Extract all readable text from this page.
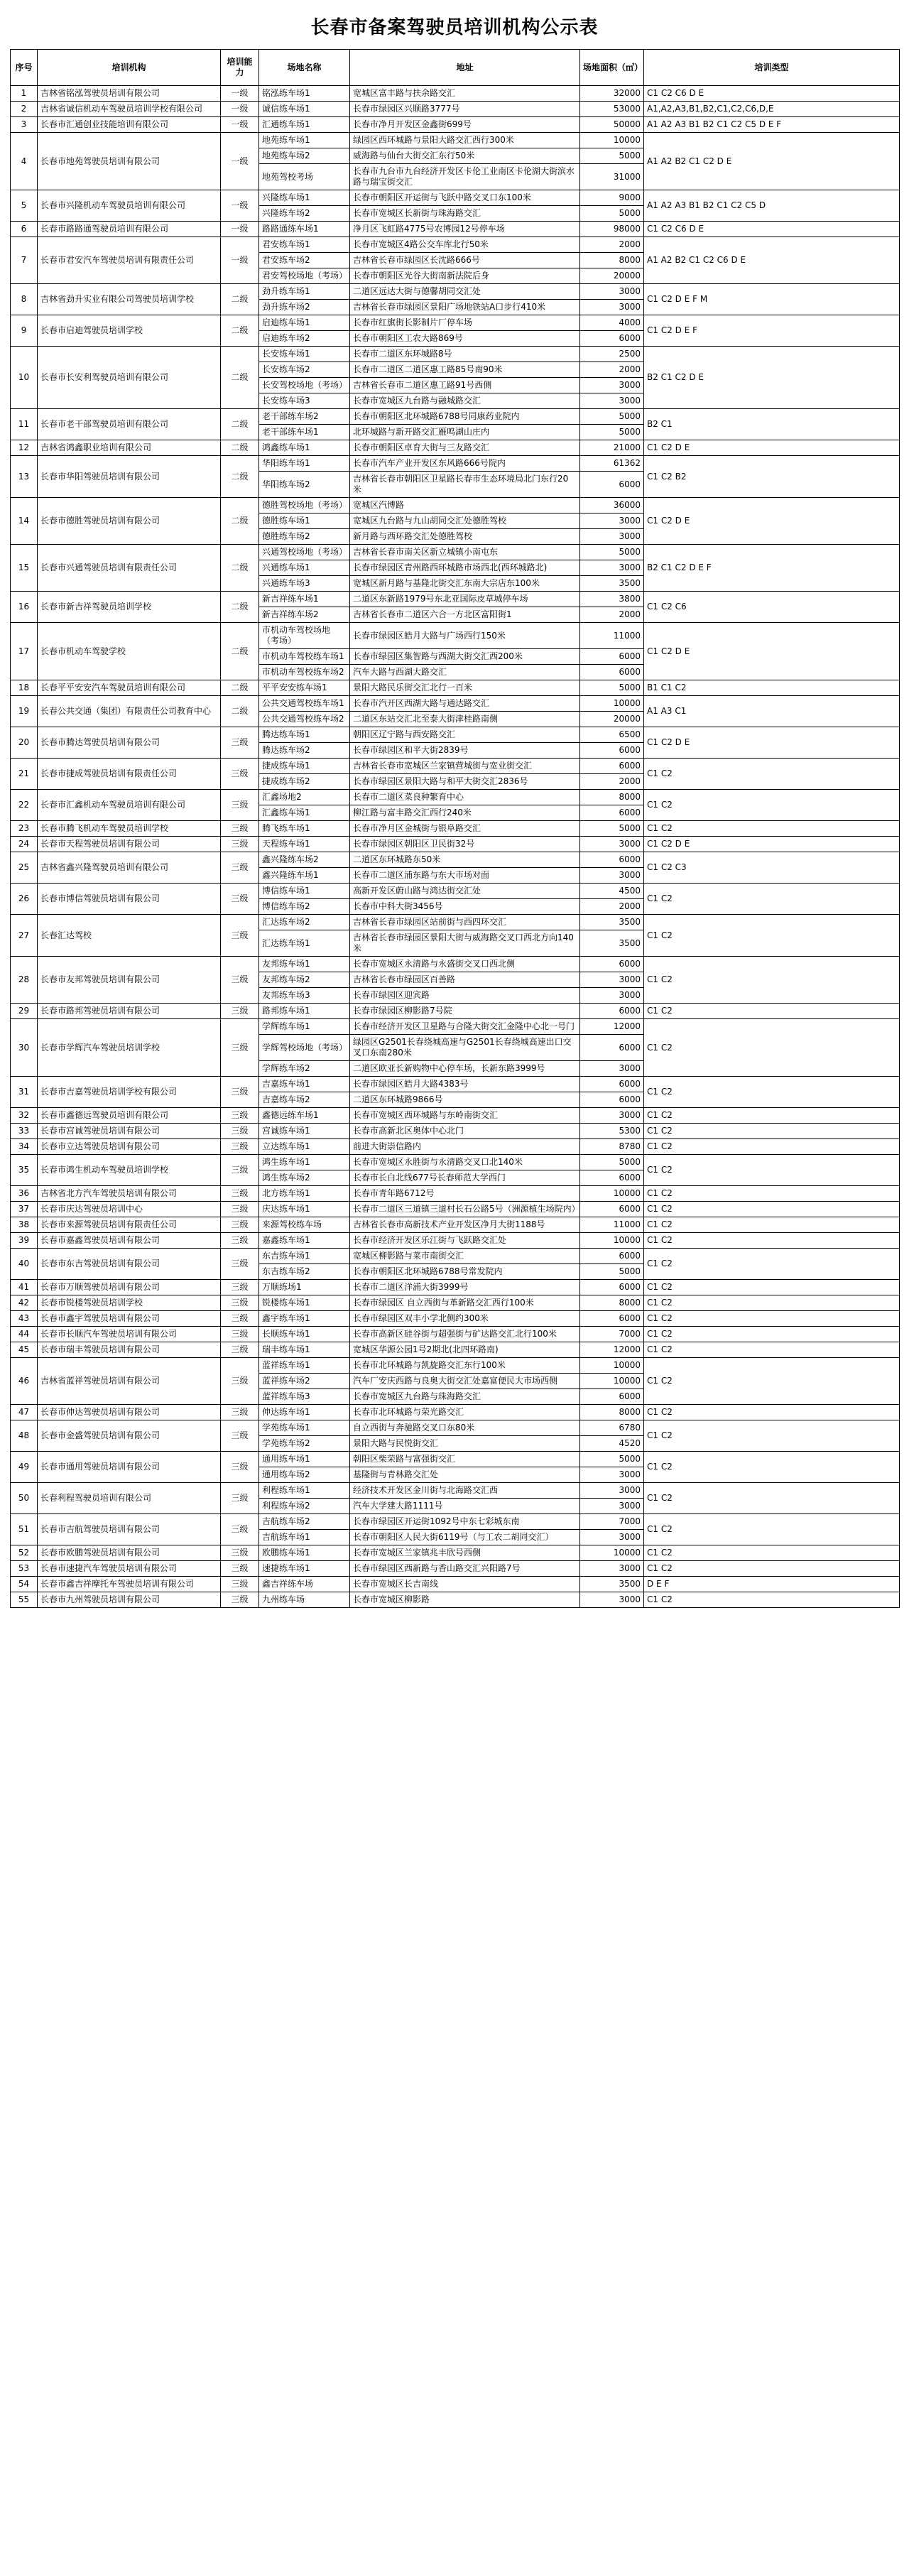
长春市备案驾驶员培训机构公示表
序号	培训机构	培训能力	场地名称	地址	场地面积（㎡）	培训类型
1	吉林省铭泓驾驶员培训有限公司	一级	铭泓练车场1	宽城区富丰路与扶余路交汇	32000	C1 C2 C6 D E
2	吉林省诚信机动车驾驶员培训学校有限公司	一级	诚信练车场1	长春市绿园区兴顺路3777号	53000	A1,A2,A3,B1,B2,C1,C2,C6,D,E
3	长春市汇通创业技能培训有限公司	一级	汇通练车场1	长春市净月开发区金鑫街699号	50000	A1 A2 A3 B1 B2 C1 C2 C5 D E F
4	长春市地苑驾驶员培训有限公司	一级	地苑练车场1	绿园区西环城路与景阳大路交汇西行300米	10000	A1 A2 B2 C1 C2 D E
			地苑练车场2	威海路与仙台大街交汇东行50米	5000	
			地苑驾校考场	长春市九台市九台经济开发区卡伦工业南区卡伦湖大街滨水路与瑞宝街交汇	31000	
5	长春市兴隆机动车驾驶员培训有限公司	一级	兴隆练车场1	长春市朝阳区开运街与飞跃中路交叉口东100米	9000	A1 A2 A3 B1 B2 C1 C2 C5 D
			兴隆练车场2	长春市宽城区长新街与珠海路交汇	5000	
6	长春市路路通驾驶员培训有限公司	一级	路路通练车场1	净月区飞虹路4775号农博园12号停车场	98000	C1 C2 C6 D E
7	长春市君安汽车驾驶员培训有限责任公司	一级	君安练车场1	长春市宽城区4路公交车库北行50米	2000	A1 A2 B2 C1 C2 C6 D E
			君安练车场2	吉林省长春市绿园区长沈路666号	8000	
			君安驾校场地（考场）	长春市朝阳区光谷大街南新法院后身	20000	
8	吉林省劲升实业有限公司驾驶员培训学校	二级	劲升练车场1	二道区远达大街与德馨胡同交汇处	3000	C1 C2 D E F M
			劲升练车场2	吉林省长春市绿园区景阳广场地铁站A口步行410米	3000	
9	长春市启迪驾驶员培训学校	二级	启迪练车场1	长春市红旗街长影制片厂停车场	4000	C1 C2 D E F
			启迪练车场2	长春市朝阳区工农大路869号	6000	
10	长春市长安利驾驶员培训有限公司	二级	长安练车场1	长春市二道区东环城路8号	2500	B2 C1 C2 D E
			长安练车场2	长春市二道区二道区惠工路85号南90米	2000	
			长安驾校场地（考场）	吉林省长春市二道区惠工路91号西侧	3000	
			长安练车场3	长春市宽城区九台路与融城路交汇	3000	
11	长春市老干部驾驶员培训有限公司	二级	老干部练车场2	长春市朝阳区北环城路6788号同康药业院内	5000	B2 C1
			老干部练车场1	北环城路与新开路交汇雁鸣湖山庄内	5000	
12	吉林省鸿鑫职业培训有限公司	二级	鸿鑫练车场1	长春市朝阳区卓育大街与三友路交汇	21000	C1 C2 D E
13	长春市华阳驾驶员培训有限公司	二级	华阳练车场1	长春市汽车产业开发区东风路666号院内	61362	C1 C2 B2
			华阳练车场2	吉林省长春市朝阳区卫星路长春市生态环境局北门东行20米	6000	
14	长春市德胜驾驶员培训有限公司	二级	德胜驾校场地（考场）	宽城区汽博路	36000	C1 C2 D E
			德胜练车场1	宽城区九台路与九山胡同交汇处德胜驾校	3000	
			德胜练车场2	新月路与西环路交汇处德胜驾校	3000	
15	长春市兴通驾驶员培训有限责任公司	二级	兴通驾校场地（考场）	吉林省长春市南关区新立城镇小南屯东	5000	B2 C1 C2 D E F
			兴通练车场1	长春市绿园区青州路西环城路市场西北(西环城路北)	3000	
			兴通练车场3	宽城区新月路与基隆北街交汇东南大宗店东100米	3500	
16	长春市新吉祥驾驶员培训学校	二级	新吉祥练车场1	二道区东新路1979号东北亚国际皮草城停车场	3800	C1 C2 C6
			新吉祥练车场2	吉林省长春市二道区六合一方北区富阳街1	2000	
17	长春市机动车驾驶学校	二级	市机动车驾校场地（考场）	长春市绿园区皓月大路与广场西行150米	11000	C1 C2 D E
			市机动车驾校练车场1	长春市绿园区集智路与西湖大街交汇西200米	6000	
			市机动车驾校练车场2	汽车大路与西湖大路交汇	6000	
18	长春平平安安汽车驾驶员培训有限公司	二级	平平安安练车场1	景阳大路民乐街交汇北行一百米	5000	B1 C1 C2
19	长春公共交通（集团）有限责任公司教育中心	二级	公共交通驾校练车场1	长春市汽开区西湖大路与通达路交汇	10000	A1 A3 C1
			公共交通驾校练车场2	二道区东站交汇北至泰大街津桂路南侧	20000	
20	长春市腾达驾驶员培训有限公司	三级	腾达练车场1	朝阳区辽宁路与西安路交汇	6500	C1 C2 D E
			腾达练车场2	长春市绿园区和平大街2839号	6000	
21	长春市捷成驾驶员培训有限责任公司	三级	捷成练车场1	吉林省长春市宽城区兰家镇营城街与宽业街交汇	6000	C1 C2
			捷成练车场2	长春市绿园区景阳大路与和平大街交汇2836号	2000	
22	长春市汇鑫机动车驾驶员培训有限公司	三级	汇鑫场地2	长春市二道区菜良种繁育中心	8000	C1 C2
			汇鑫练车场1	柳江路与富丰路交汇西行240米	6000	
23	长春市腾飞机动车驾驶员培训学校	三级	腾飞练车场1	长春市净月区金城街与银阜路交汇	5000	C1 C2
24	长春市天程驾驶员培训有限公司	三级	天程练车场1	长春市绿园区朝阳区卫民街32号	3000	C1 C2 D E
25	吉林省鑫兴隆驾驶员培训有限公司	三级	鑫兴隆练车场2	二道区东环城路东50米	6000	C1 C2 C3
			鑫兴隆练车场1	长春市二道区浦东路与东大市场对面	3000	
26	长春市博信驾驶员培训有限公司	三级	博信练车场1	高新开发区蔚山路与鸿达街交汇处	4500	C1 C2
			博信练车场2	长春市中科大街3456号	2000	
27	长春汇达驾校	三级	汇达练车场2	吉林省长春市绿园区站前街与西四环交汇	3500	C1 C2
			汇达练车场1	吉林省长春市绿园区景阳大街与威海路交叉口西北方向140米	3500	
28	长春市友邦驾驶员培训有限公司	三级	友邦练车场1	长春市宽城区永清路与永盛街交叉口西北侧	6000	C1 C2
			友邦练车场2	吉林省长春市绿园区百善路	3000	
			友邦练车场3	长春市绿园区迎宾路	3000	
29	长春市路邦驾驶员培训有限公司	三级	路邦练车场1	长春市绿园区柳影路7号院	6000	C1 C2
30	长春市学辉汽车驾驶员培训学校	三级	学辉练车场1	长春市经济开发区卫星路与合隆大街交汇金隆中心北一号门	12000	C1 C2
			学辉驾校场地（考场）	绿园区G2501长春绕城高速与G2501长春绕城高速出口交叉口东南280米	6000	
			学辉练车场2	二道区欧亚长新购物中心停车场，长新东路3999号	3000	
31	长春市吉嘉驾驶员培训学校有限公司	三级	吉嘉练车场1	长春市绿园区皓月大路4383号	6000	C1 C2
			吉嘉练车场2	二道区东环城路9866号	6000	
32	长春市鑫德远驾驶员培训有限公司	三级	鑫德远练车场1	长春市宽城区西环城路与东岭南街交汇	3000	C1 C2
33	长春市宫诚驾驶员培训有限公司	三级	宫诚练车场1	长春市高新北区奥体中心北门	5300	C1 C2
34	长春市立达驾驶员培训有限公司	三级	立达练车场1	前进大街崇信路内	8780	C1 C2
35	长春市鸿生机动车驾驶员培训学校	三级	鸿生练车场1	长春市宽城区永胜街与永清路交叉口北140米	5000	C1 C2
			鸿生练车场2	长春市长白北线677号长春师范大学西门	6000	
36	吉林省北方汽车驾驶员培训有限公司	三级	北方练车场1	长春市青年路6712号	10000	C1 C2
37	长春市庆达驾驶员培训中心	三级	庆达练车场1	长春市二道区三道镇三道村长石公路5号（洲源植生场院内）	6000	C1 C2
38	长春市来源驾驶员培训有限责任公司	三级	来源驾校练车场	吉林省长春市高新技术产业开发区净月大街1188号	11000	C1 C2
39	长春市嘉鑫驾驶员培训有限公司	三级	嘉鑫练车场1	长春市经济开发区乐江街与飞跃路交汇处	10000	C1 C2
40	长春市东吉驾驶员培训有限公司	三级	东吉练车场1	宽城区柳影路与菜市南街交汇	6000	C1 C2
			东吉练车场2	长春市朝阳区北环城路6788号常发院内	5000	
41	长春市万顺驾驶员培训有限公司	三级	万顺练场1	长春市二道区洋浦大街3999号	6000	C1 C2
42	长春市锐楼驾驶员培训学校	三级	锐楼练车场1	长春市绿园区 自立西街与革新路交汇西行100米	8000	C1 C2
43	长春市鑫宇驾驶员培训有限公司	三级	鑫宇练车场1	长春市绿园区双丰小学北侧约300米	6000	C1 C2
44	长春市长顺汽车驾驶员培训有限公司	三级	长顺练车场1	长春市高新区硅谷街与超强街与矿达路交汇北行100米	7000	C1 C2
45	长春市瑞丰驾驶员培训有限公司	三级	瑞丰练车场1	宽城区华源公园1号2期北(北四环路南)	12000	C1 C2
46	吉林省蓝祥驾驶员培训有限公司	三级	蓝祥练车场1	长春市北环城路与凯旋路交汇东行100米	10000	C1 C2
			蓝祥练车场2	汽车厂安庆西路与良奥大街交汇处嘉富便民大市场西侧	10000	
			蓝祥练车场3	长春市宽城区九台路与珠海路交汇	6000	
47	长春市伸达驾驶员培训有限公司	三级	伸达练车场1	长春市北环城路与荣光路交汇	8000	C1 C2
48	长春市金盛驾驶员培训有限公司	三级	学苑练车场1	自立西街与奔驰路交叉口东80米	6780	C1 C2
			学苑练车场2	景阳大路与民悦街交汇	4520	
49	长春市通用驾驶员培训有限公司	三级	通用练车场1	朝阳区柴荣路与富强街交汇	5000	C1 C2
			通用练车场2	基隆街与青林路交汇处	3000	
50	长春利程驾驶员培训有限公司	三级	利程练车场1	经济技术开发区金川街与北海路交汇西	3000	C1 C2
			利程练车场2	汽车大学建大路1111号	3000	
51	长春市吉航驾驶员培训有限公司	三级	吉航练车场2	长春市绿园区开运街1092号中东七彩城东南	7000	C1 C2
			吉航练车场1	长春市朝阳区人民大街6119号（与工农二胡同交汇）	3000	
52	长春市欧鹏驾驶员培训有限公司	三级	欧鹏练车场1	长春市宽城区兰家镇兆丰欣号西侧	10000	C1 C2
53	长春市速捷汽车驾驶员培训有限公司	三级	速捷练车场1	长春市绿园区西新路与香山路交汇兴阳路7号	3000	C1 C2
54	长春市鑫吉祥摩托车驾驶员培训有限公司	三级	鑫吉祥练车场	长春市宽城区长吉南线	3500	D E F
55	长春市九州驾驶员培训有限公司	三级	九州练车场	长春市宽城区柳影路	3000	C1 C2
